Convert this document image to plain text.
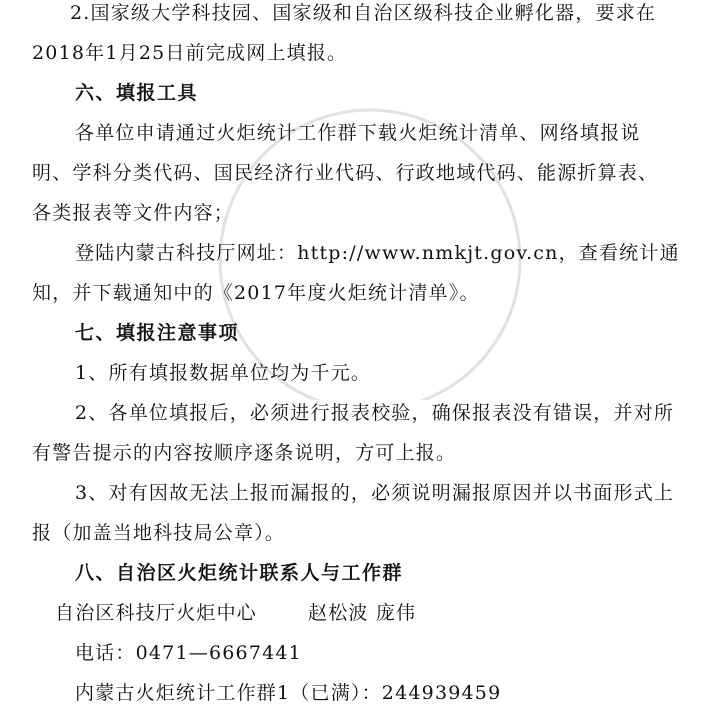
2.国家级大学科技园、国家级和自治区级科技企业孵化器，要求在
2018年1月25日前完成网上填报。
六、填报工具
各单位申请通过火炬统计工作群下载火炬统计清单、网络填报说
明、学科分类代码、国民经济行业代码、行政地域代码、能源折算表、
各类报表等文件内容；
登陆内蒙古科技厅网址：http://www.nmkjt.gov.cn，查看统计通
知，并下载通知中的《2017年度火炬统计清单》。
七、填报注意事项
1、所有填报数据单位均为千元。
2、各单位填报后，必须进行报表校验，确保报表没有错误，并对所
有警告提示的内容按顺序逐条说明，方可上报。
3、对有因故无法上报而漏报的，必须说明漏报原因并以书面形式上
报（加盖当地科技局公章）。
八、自治区火炬统计联系人与工作群
自治区科技厅火炬中心	赵松波 庞伟
电话：0471—6667441
内蒙古火炬统计工作群1（已满）：244939459
